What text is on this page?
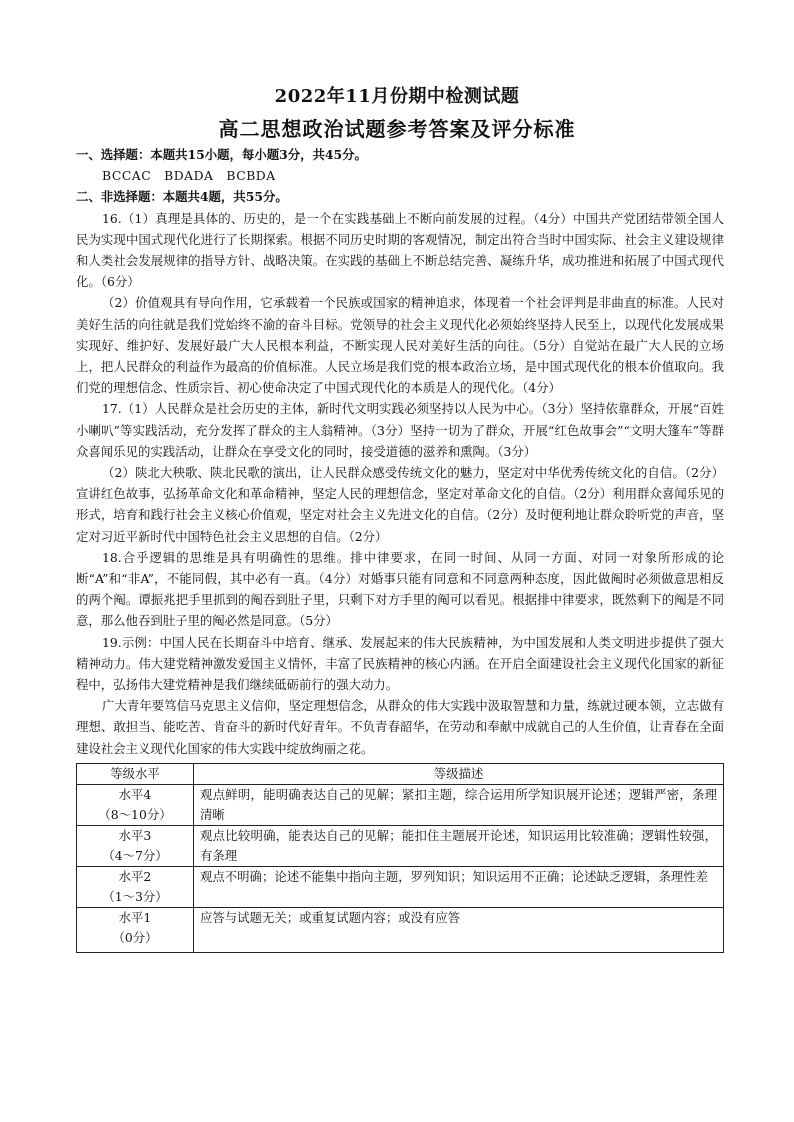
2022年11月份期中检测试题
高二思想政治试题参考答案及评分标准

一、选择题：本题共15小题，每小题3分，共45分。

BCCAC　BDADA　BCBDA

二、非选择题：本题共4题，共55分。

16.（1）真理是具体的、历史的，是一个在实践基础上不断向前发展的过程。（4分）中国共产党团结带领全国人民为实现中国式现代化进行了长期探索。根据不同历史时期的客观情况，制定出符合当时中国实际、社会主义建设规律和人类社会发展规律的指导方针、战略决策。在实践的基础上不断总结完善、凝练升华，成功推进和拓展了中国式现代化。（6分）

（2）价值观具有导向作用，它承载着一个民族或国家的精神追求，体现着一个社会评判是非曲直的标准。人民对美好生活的向往就是我们党始终不渝的奋斗目标。党领导的社会主义现代化必须始终坚持人民至上，以现代化发展成果实现好、维护好、发展好最广大人民根本利益，不断实现人民对美好生活的向往。（5分）自觉站在最广大人民的立场上，把人民群众的利益作为最高的价值标准。人民立场是我们党的根本政治立场，是中国式现代化的根本价值取向。我们党的理想信念、性质宗旨、初心使命决定了中国式现代化的本质是人的现代化。（4分）

17.（1）人民群众是社会历史的主体，新时代文明实践必须坚持以人民为中心。（3分）坚持依靠群众，开展“百姓小喇叭”等实践活动，充分发挥了群众的主人翁精神。（3分）坚持一切为了群众，开展“红色故事会”“文明大篷车”等群众喜闻乐见的实践活动，让群众在享受文化的同时，接受道德的滋养和熏陶。（3分）

（2）陕北大秧歌、陕北民歌的演出，让人民群众感受传统文化的魅力，坚定对中华优秀传统文化的自信。（2分）宣讲红色故事，弘扬革命文化和革命精神，坚定人民的理想信念，坚定对革命文化的自信。（2分）利用群众喜闻乐见的形式，培育和践行社会主义核心价值观，坚定对社会主义先进文化的自信。（2分）及时便利地让群众聆听党的声音，坚定对习近平新时代中国特色社会主义思想的自信。（2分）

18.合乎逻辑的思维是具有明确性的思维。排中律要求，在同一时间、从同一方面、对同一对象所形成的论断“A”和“非A”，不能同假，其中必有一真。（4分）对婚事只能有同意和不同意两种态度，因此做阄时必须做意思相反的两个阄。谭振兆把手里抓到的阄吞到肚子里，只剩下对方手里的阄可以看见。根据排中律要求，既然剩下的阄是不同意，那么他吞到肚子里的阄必然是同意。（5分）

19.示例：中国人民在长期奋斗中培育、继承、发展起来的伟大民族精神，为中国发展和人类文明进步提供了强大精神动力。伟大建党精神激发爱国主义情怀，丰富了民族精神的核心内涵。在开启全面建设社会主义现代化国家的新征程中，弘扬伟大建党精神是我们继续砥砺前行的强大动力。

广大青年要笃信马克思主义信仰，坚定理想信念，从群众的伟大实践中汲取智慧和力量，练就过硬本领，立志做有理想、敢担当、能吃苦、肯奋斗的新时代好青年。不负青春韶华，在劳动和奉献中成就自己的人生价值，让青春在全面建设社会主义现代化国家的伟大实践中绽放绚丽之花。

等级水平	等级描述

水平4
（8～10分）	观点鲜明，能明确表达自己的见解；紧扣主题，综合运用所学知识展开论述；逻辑严密，条理清晰

水平3
（4～7分）	观点比较明确，能表达自己的见解；能扣住主题展开论述，知识运用比较准确；逻辑性较强，有条理

水平2
（1～3分）	观点不明确；论述不能集中指向主题，罗列知识；知识运用不正确；论述缺乏逻辑，条理性差

水平1
（0分）	应答与试题无关；或重复试题内容；或没有应答
